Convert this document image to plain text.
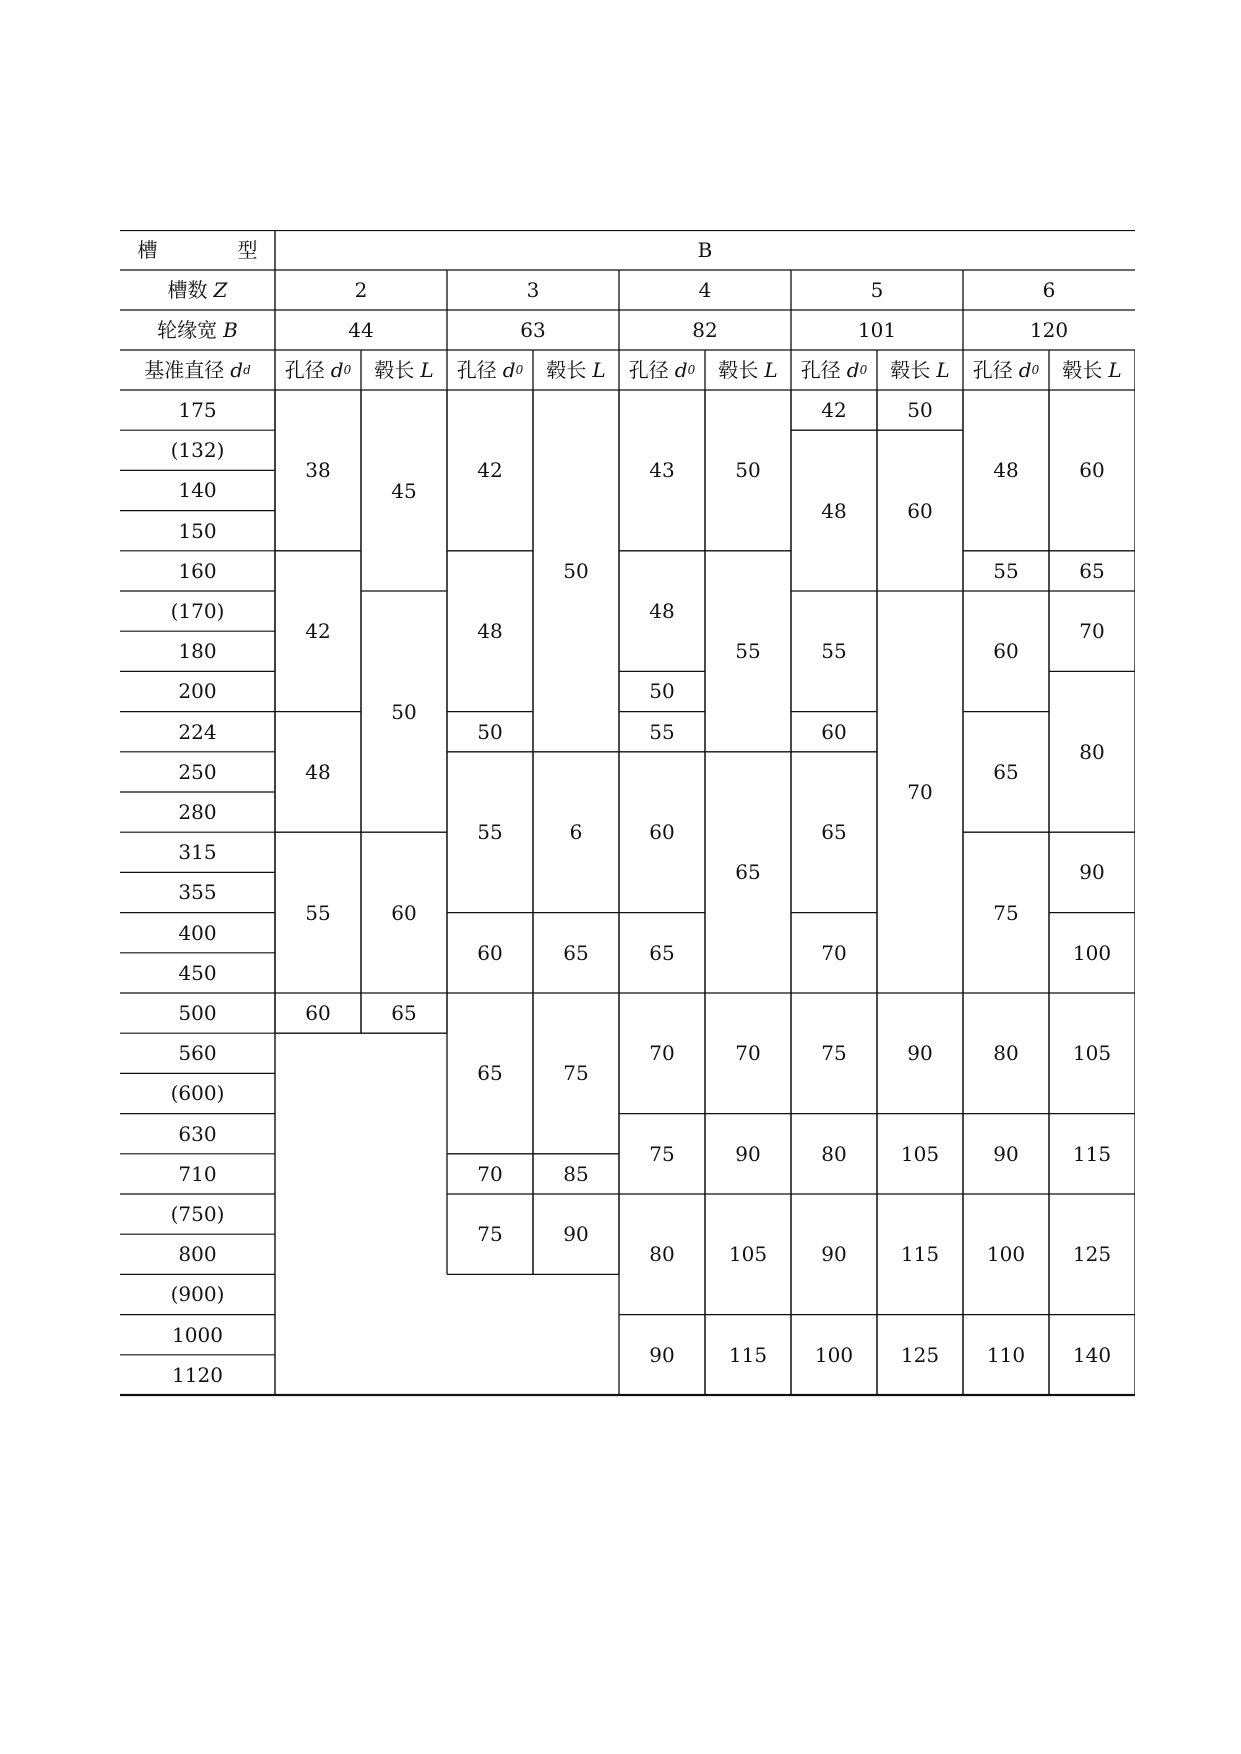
槽　型	B
槽数 Z
轮缘宽 B
基准直径 d d
2
44
3
63
4
82
5
101
6
120
孔径 d 0 毂长 L 孔径 d 0 毂长 L 孔径 d 0 毂长 L 孔径 d 0 毂长 L 孔径 d 0 毂长 L
175
(132)
140
150
160
(170)
180
200
224
250
280
315
355
400
450
500
560
(600)
630
710
(750)
800
(900)
1000
1120
38
42
48
55
60
45
50
60
65
42
48
50
55
60
65
70
75
50
6
65
75
85
90
43
48
50
55
60
65
70
75
80
90
50
55
65
70
90
105
115
42
48
55
60
65
70
75
80
90
100
50
60
70
90
105
115
125
48
55
60
65
75
80
90
100
110
60
65
70
80
90
100
105
115
125
140
